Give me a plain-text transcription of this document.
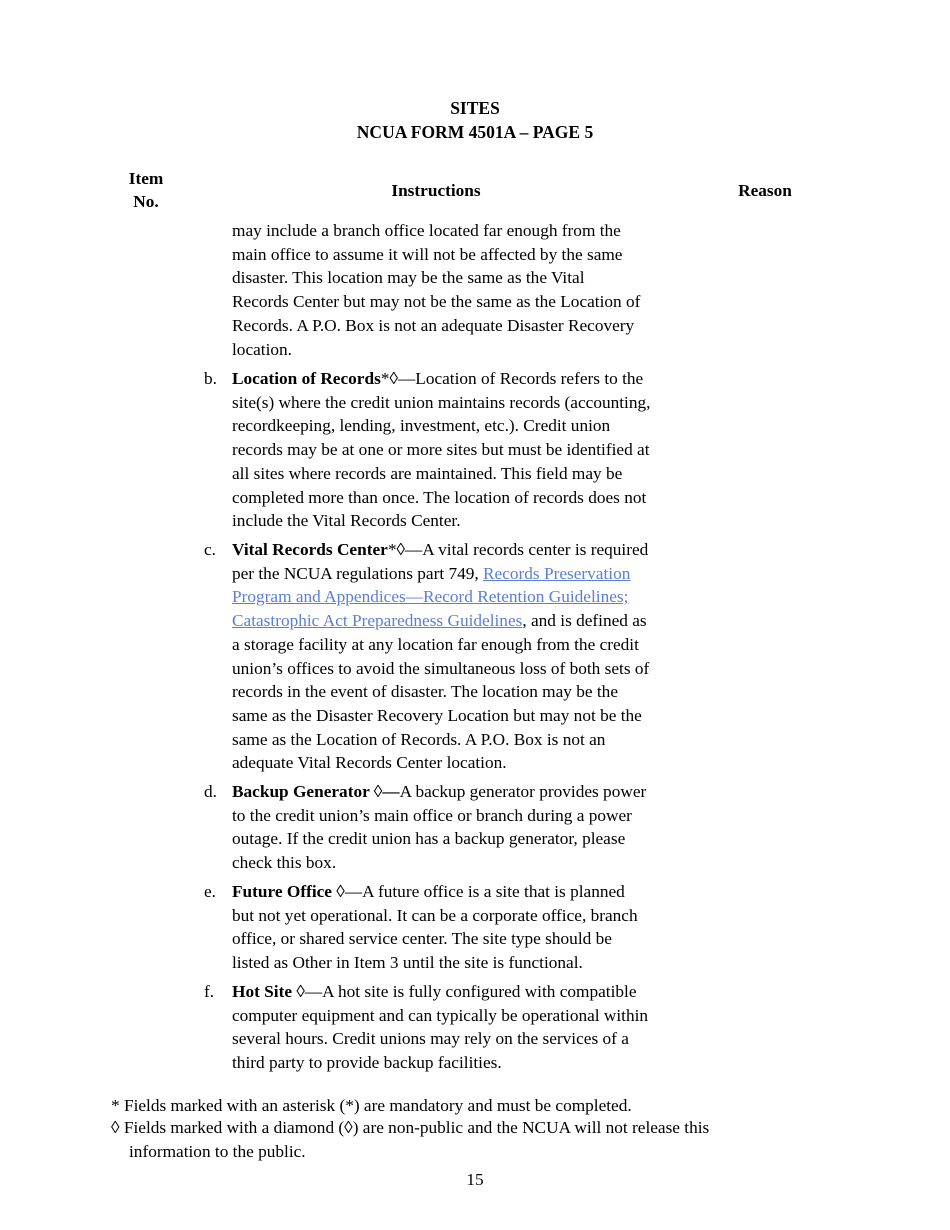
SITES
NCUA FORM 4501A – PAGE 5
Item
No.
Instructions	Reason

may include a branch office located far enough from the
main office to assume it will not be affected by the same
disaster. This location may be the same as the Vital
Records Center but may not be the same as the Location of
Records. A P.O. Box is not an adequate Disaster Recovery
location.

b. Location of Records*◊—Location of Records refers to the
site(s) where the credit union maintains records (accounting,
recordkeeping, lending, investment, etc.). Credit union
records may be at one or more sites but must be identified at
all sites where records are maintained. This field may be
completed more than once. The location of records does not
include the Vital Records Center.

c. Vital Records Center*◊—A vital records center is required
per the NCUA regulations part 749, Records Preservation
Program and Appendices—Record Retention Guidelines;
Catastrophic Act Preparedness Guidelines, and is defined as
a storage facility at any location far enough from the credit
union’s offices to avoid the simultaneous loss of both sets of
records in the event of disaster. The location may be the
same as the Disaster Recovery Location but may not be the
same as the Location of Records. A P.O. Box is not an
adequate Vital Records Center location.

d. Backup Generator ◊—A backup generator provides power
to the credit union’s main office or branch during a power
outage. If the credit union has a backup generator, please
check this box.

e. Future Office ◊—A future office is a site that is planned
but not yet operational. It can be a corporate office, branch
office, or shared service center. The site type should be
listed as Other in Item 3 until the site is functional.

f. Hot Site ◊—A hot site is fully configured with compatible
computer equipment and can typically be operational within
several hours. Credit unions may rely on the services of a
third party to provide backup facilities.

* Fields marked with an asterisk (*) are mandatory and must be completed.
◊ Fields marked with a diamond (◊) are non-public and the NCUA will not release this
information to the public.
15
